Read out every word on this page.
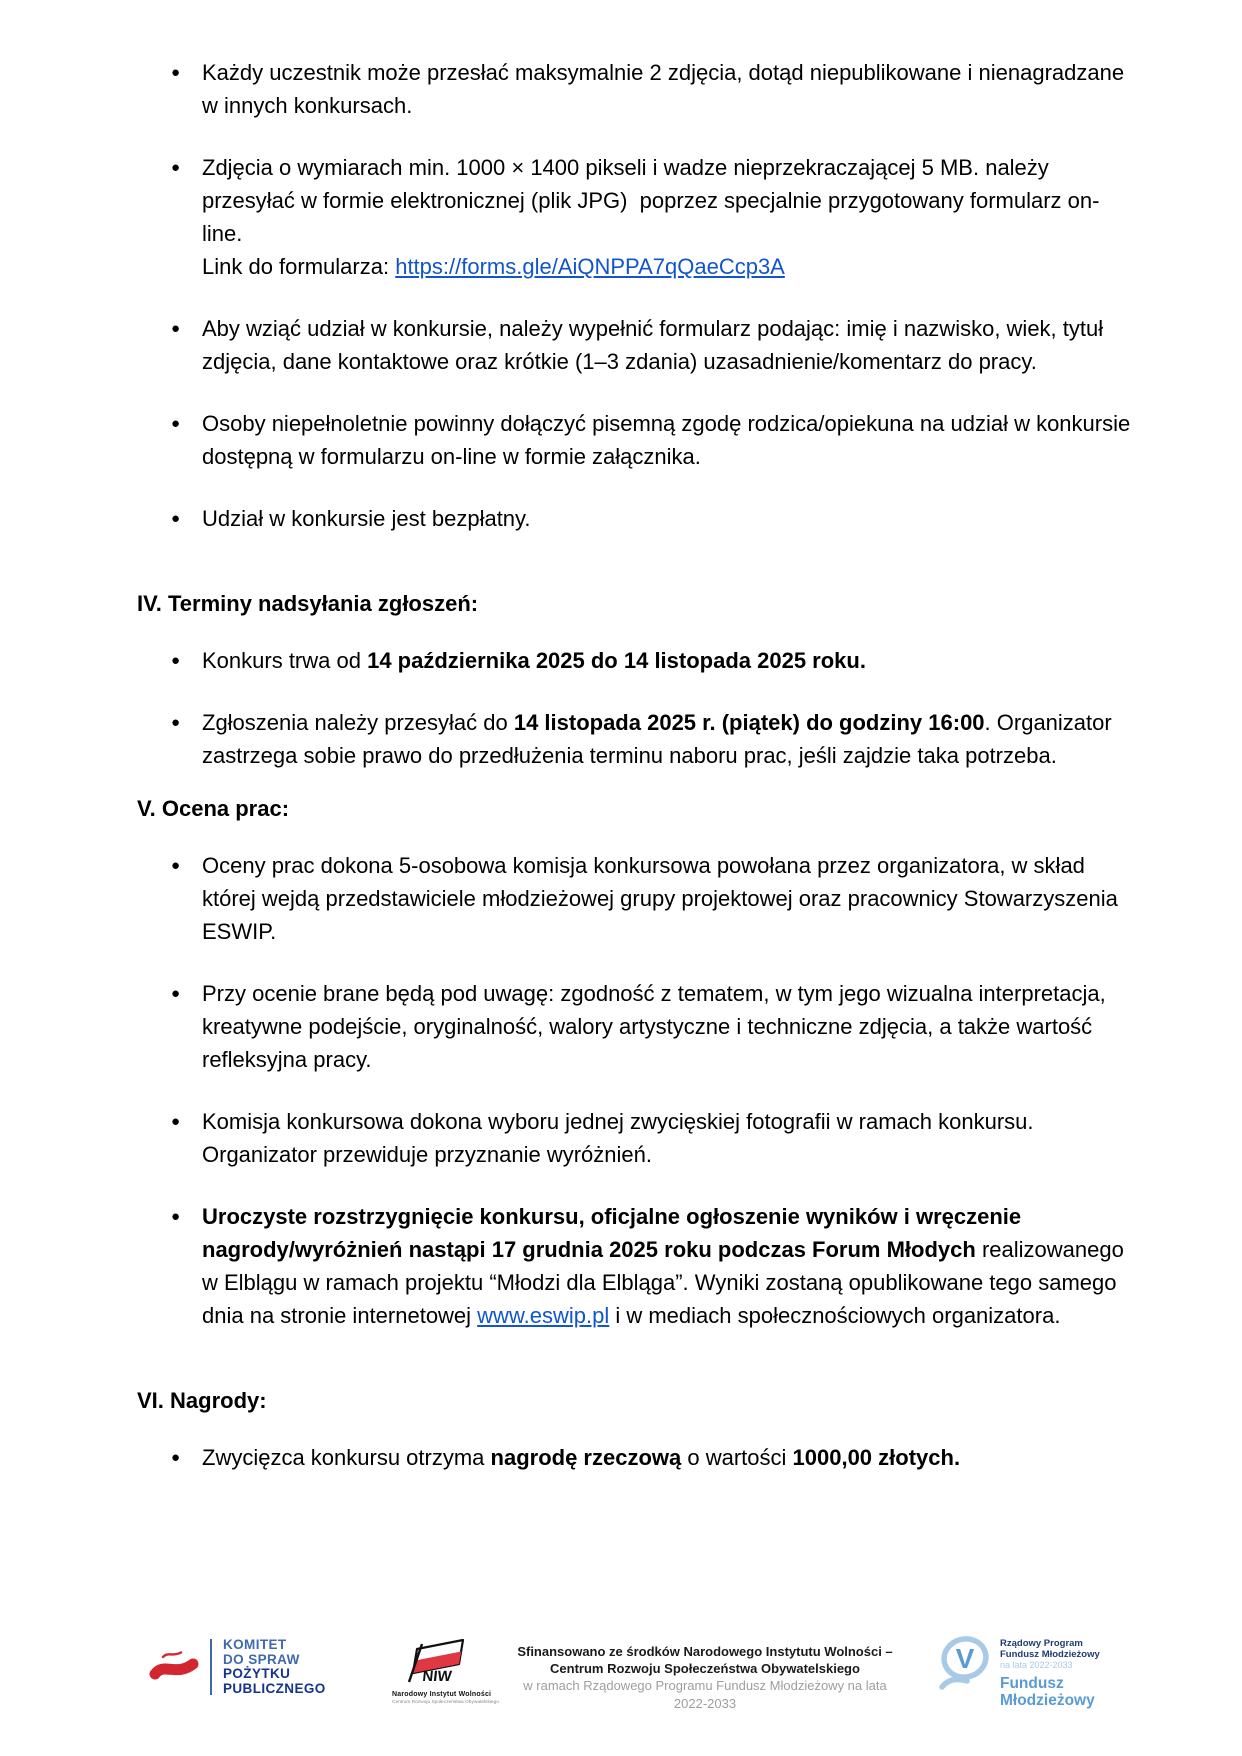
● Każdy uczestnik może przesłać maksymalnie 2 zdjęcia, dotąd niepublikowane i nienagradzane w innych konkursach.
● Zdjęcia o wymiarach min. 1000 × 1400 pikseli i wadze nieprzekraczającej 5 MB. należy przesyłać w formie elektronicznej (plik JPG)  poprzez specjalnie przygotowany formularz on-line.
Link do formularza: https://forms.gle/AiQNPPA7qQaeCcp3A
● Aby wziąć udział w konkursie, należy wypełnić formularz podając: imię i nazwisko, wiek, tytuł zdjęcia, dane kontaktowe oraz krótkie (1–3 zdania) uzasadnienie/komentarz do pracy.
● Osoby niepełnoletnie powinny dołączyć pisemną zgodę rodzica/opiekuna na udział w konkursie dostępną w formularzu on-line w formie załącznika.
● Udział w konkursie jest bezpłatny.
IV. Terminy nadsyłania zgłoszeń:
● Konkurs trwa od 14 października 2025 do 14 listopada 2025 roku.
● Zgłoszenia należy przesyłać do 14 listopada 2025 r. (piątek) do godziny 16:00. Organizator zastrzega sobie prawo do przedłużenia terminu naboru prac, jeśli zajdzie taka potrzeba.
V. Ocena prac:
● Oceny prac dokona 5-osobowa komisja konkursowa powołana przez organizatora, w skład której wejdą przedstawiciele młodzieżowej grupy projektowej oraz pracownicy Stowarzyszenia ESWIP.
● Przy ocenie brane będą pod uwagę: zgodność z tematem, w tym jego wizualna interpretacja, kreatywne podejście, oryginalność, walory artystyczne i techniczne zdjęcia, a także wartość refleksyjna pracy.
● Komisja konkursowa dokona wyboru jednej zwycięskiej fotografii w ramach konkursu. Organizator przewiduje przyznanie wyróżnień.
● Uroczyste rozstrzygnięcie konkursu, oficjalne ogłoszenie wyników i wręczenie nagrody/wyróżnień nastąpi 17 grudnia 2025 roku podczas Forum Młodych realizowanego w Elblągu w ramach projektu “Młodzi dla Elbląga”. Wyniki zostaną opublikowane tego samego dnia na stronie internetowej www.eswip.pl i w mediach społecznościowych organizatora.
VI. Nagrody:
● Zwycięzca konkursu otrzyma nagrodę rzeczową o wartości 1000,00 złotych.
KOMITET
DO SPRAW
POŻYTKU
PUBLICZNEGO
NIW
Narodowy Instytut Wolności
Centrum Rozwoju Społeczeństwa Obywatelskiego
Sfinansowano ze środków Narodowego Instytutu Wolności –
Centrum Rozwoju Społeczeństwa Obywatelskiego
w ramach Rządowego Programu Fundusz Młodzieżowy na lata 2022-2033
V	Rządowy Program
Fundusz Młodzieżowy
na lata 2022-2033
Fundusz
Młodzieżowy
